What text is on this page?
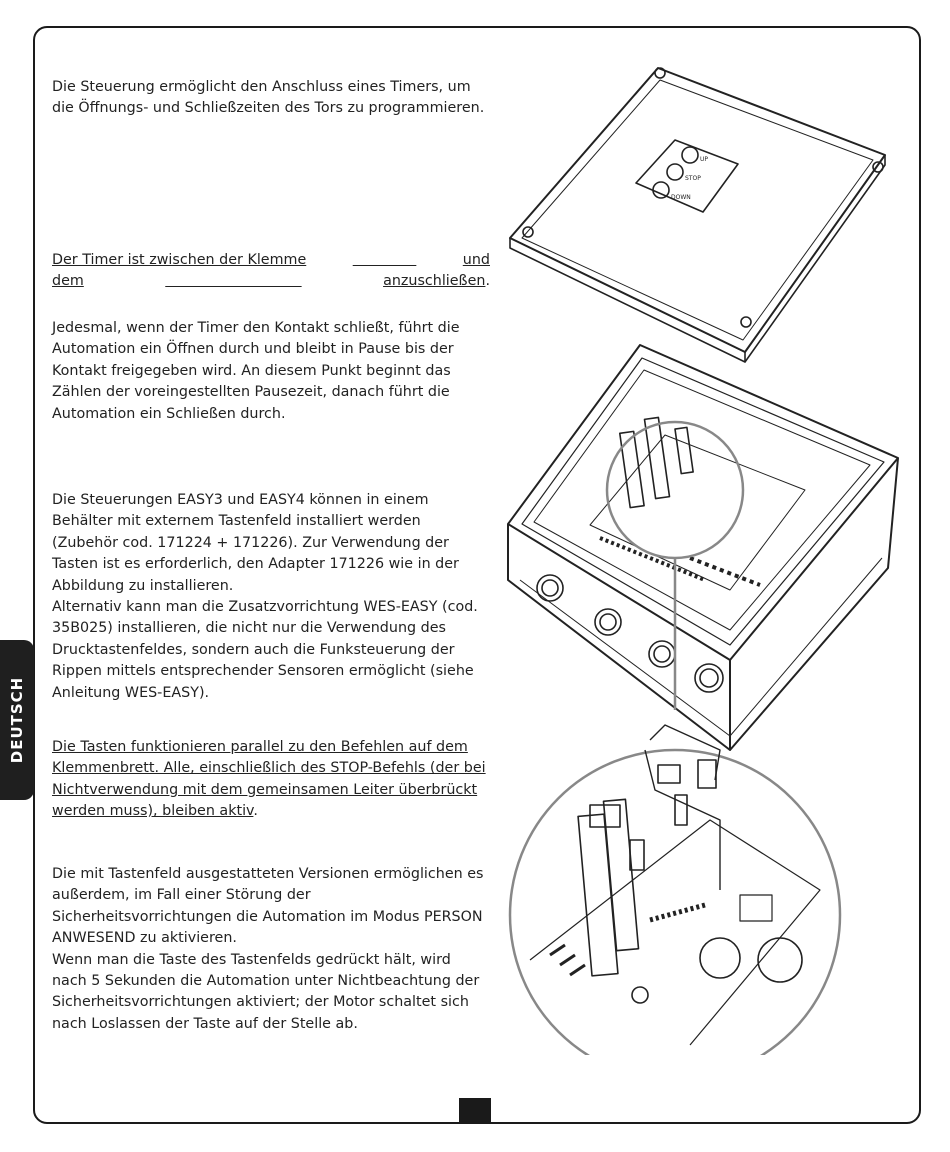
DEUTSCH

Die Steuerung ermöglicht den Anschluss eines Timers, um die Öffnungs- und Schließzeiten des Tors zu programmieren.

Der Timer ist zwischen der Klemme
	und
dem
	anzuschließen.

Jedesmal, wenn der Timer den Kontakt schließt, führt die Automation ein Öffnen durch und bleibt in Pause bis der Kontakt freigegeben wird. An diesem Punkt beginnt das Zählen der voreingestellten Pausezeit, danach führt die Automation ein Schließen durch.

Die Steuerungen EASY3 und EASY4 können in einem Behälter mit externem Tastenfeld installiert werden (Zubehör cod. 171224 + 171226). Zur Verwendung der Tasten ist es erforderlich, den Adapter 171226 wie in der Abbildung zu installieren.

Alternativ kann man die Zusatzvorrichtung WES-EASY (cod. 35B025) installieren, die nicht nur die Verwendung des Drucktastenfeldes, sondern auch die Funksteuerung der Rippen mittels entsprechender Sensoren ermöglicht (siehe Anleitung WES-EASY).

Die Tasten funktionieren parallel zu den Befehlen auf dem Klemmenbrett. Alle, einschließlich des STOP-Befehls (der bei Nichtverwendung mit dem gemeinsamen Leiter überbrückt werden muss), bleiben aktiv.

Die mit Tastenfeld ausgestatteten Versionen ermöglichen es außerdem, im Fall einer Störung der Sicherheitsvorrichtungen die Automation im Modus PERSON ANWESEND zu aktivieren.

Wenn man die Taste des Tastenfelds gedrückt hält, wird nach 5 Sekunden die Automation unter Nichtbeachtung der Sicherheitsvorrichtungen aktiviert; der Motor schaltet sich nach Loslassen der Taste auf der Stelle ab.

UP
STOP
DOWN
